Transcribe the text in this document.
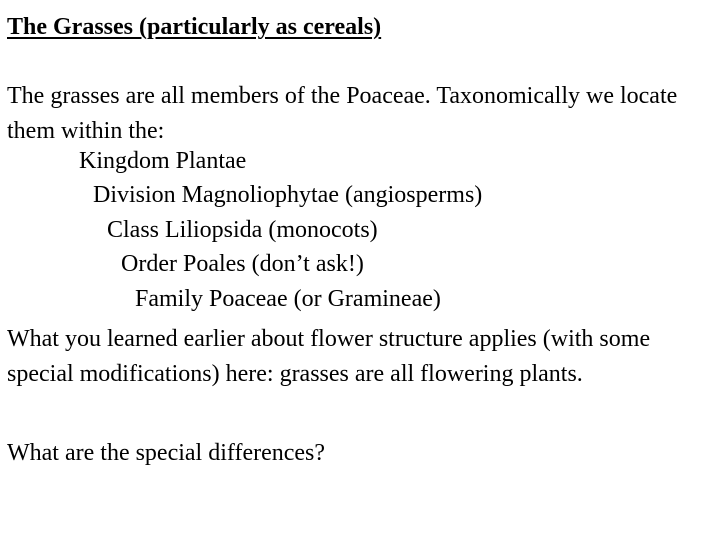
The Grasses (particularly as cereals)

The grasses are all members of the Poaceae. Taxonomically we locate them within the:

Kingdom Plantae

Division Magnoliophytae (angiosperms)

Class Liliopsida (monocots)

Order Poales (don’t ask!)

Family Poaceae (or Gramineae)

What you learned earlier about flower structure applies (with some special modifications) here: grasses are all flowering plants.

What are the special differences?
